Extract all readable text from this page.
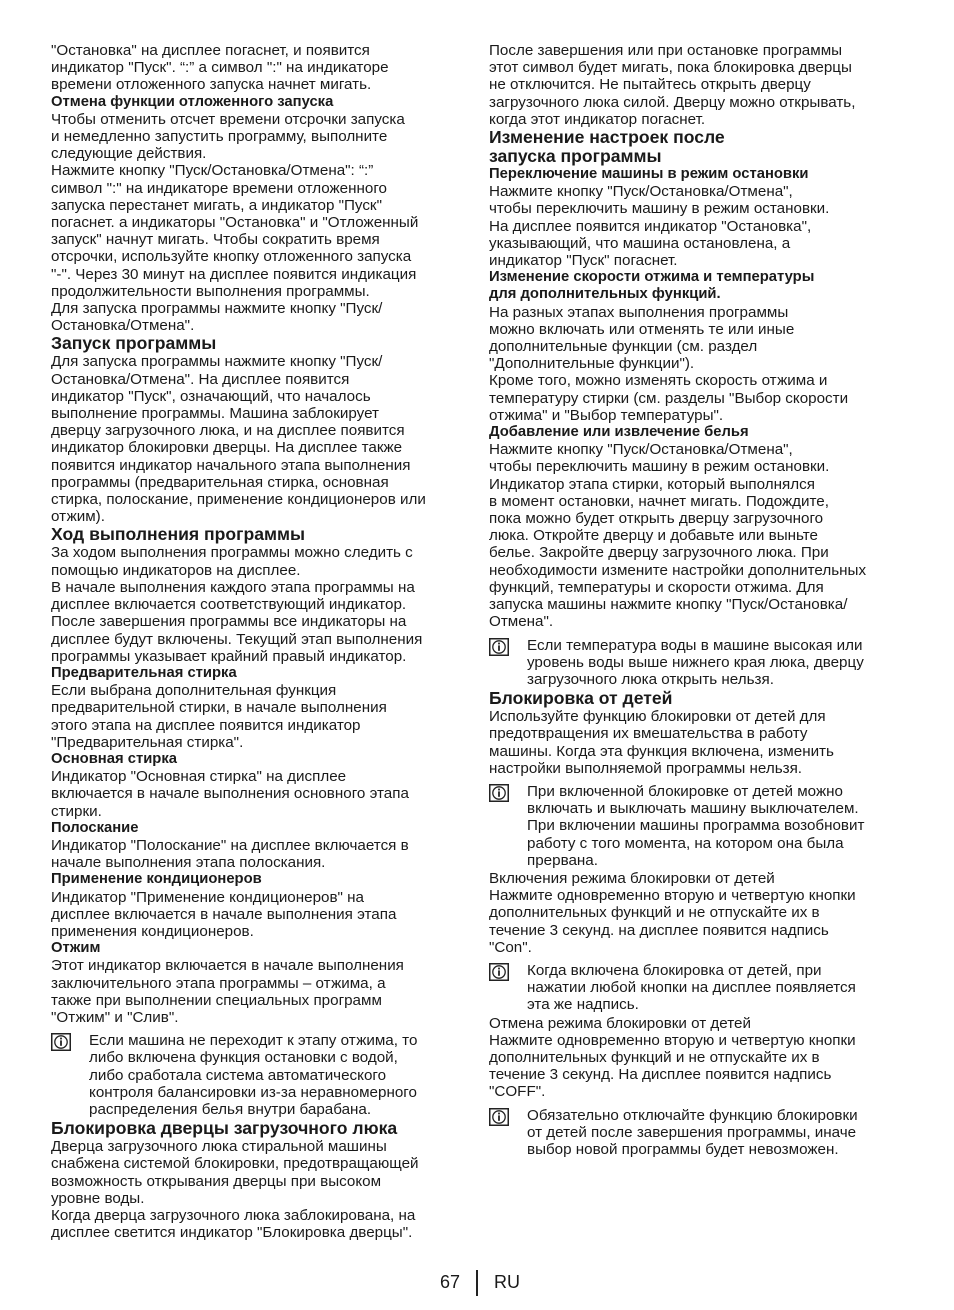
"Остановка" на дисплее погаснет, и появится
индикатор "Пуск". “:” а символ ":" на индикаторе
времени отложенного запуска начнет мигать.

Отмена функции отложенного запуска

Чтобы отменить отсчет времени отсрочки запуска
и немедленно запустить программу, выполните
следующие действия.
Нажмите кнопку "Пуск/Остановка/Отмена": “:”
символ ":" на индикаторе времени отложенного
запуска перестанет мигать, а индикатор "Пуск"
погаснет. а индикаторы "Остановка" и "Отложенный
запуск" начнут мигать. Чтобы сократить время
отсрочки, используйте кнопку отложенного запуска
"-". Через 30 минут на дисплее появится индикация
продолжительности выполнения программы.
Для запуска программы нажмите кнопку "Пуск/
Остановка/Отмена".

Запуск программы

Для запуска программы нажмите кнопку "Пуск/
Остановка/Отмена". На дисплее появится
индикатор "Пуск", означающий, что началось
выполнение программы. Машина заблокирует
дверцу загрузочного люка, и на дисплее появится
индикатор блокировки дверцы. На дисплее также
появится индикатор начального этапа выполнения
программы (предварительная стирка, основная
стирка, полоскание, применение кондиционеров или
отжим).

Ход выполнения программы

За ходом выполнения программы можно следить с
помощью индикаторов на дисплее.
В начале выполнения каждого этапа программы на
дисплее включается соответствующий индикатор.
После завершения программы все индикаторы на
дисплее будут включены. Текущий этап выполнения
программы указывает крайний правый индикатор.

Предварительная стирка

Если выбрана дополнительная функция
предварительной стирки, в начале выполнения
этого этапа на дисплее появится индикатор
"Предварительная стирка".

Основная стирка

Индикатор "Основная стирка" на дисплее
включается в начале выполнения основного этапа
стирки.

Полоскание

Индикатор "Полоскание" на дисплее включается в
начале выполнения этапа полоскания.

Применение кондиционеров

Индикатор "Применение кондиционеров" на
дисплее включается в начале выполнения этапа
применения кондиционеров.

Отжим

Этот индикатор включается в начале выполнения
заключительного этапа программы – отжима, а
также при выполнении специальных программ
"Отжим" и "Слив".

Если машина не переходит к этапу отжима, то
либо включена функция остановки с водой,
либо сработала система автоматического
контроля балансировки из-за неравномерного
распределения белья внутри барабана.
Блокировка дверцы загрузочного люка

Дверца загрузочного люка стиральной машины
снабжена системой блокировки, предотвращающей
возможность открывания дверцы при высоком
уровне воды.
Когда дверца загрузочного люка заблокирована, на
дисплее светится индикатор "Блокировка дверцы".

После завершения или при остановке программы
этот символ будет мигать, пока блокировка дверцы
не отключится. Не пытайтесь открыть дверцу
загрузочного люка силой. Дверцу можно открывать,
когда этот индикатор погаснет.

Изменение настроек после
запуска программы

Переключение машины в режим остановки

Нажмите кнопку "Пуск/Остановка/Отмена",
чтобы переключить машину в режим остановки.
На дисплее появится индикатор "Остановка",
указывающий, что машина остановлена, а
индикатор "Пуск" погаснет.

Изменение скорости отжима и температуры
для дополнительных функций.

На разных этапах выполнения программы
можно включать или отменять те или иные
дополнительные функции (см. раздел
"Дополнительные функции").
Кроме того, можно изменять скорость отжима и
температуру стирки (см. разделы "Выбор скорости
отжима" и "Выбор температуры".

Добавление или извлечение белья

Нажмите кнопку "Пуск/Остановка/Отмена",
чтобы переключить машину в режим остановки.
Индикатор этапа стирки, который выполнялся
в момент остановки, начнет мигать. Подождите,
пока можно будет открыть дверцу загрузочного
люка. Откройте дверцу и добавьте или выньте
белье. Закройте дверцу загрузочного люка. При
необходимости измените настройки дополнительных
функций, температуры и скорости отжима. Для
запуска машины нажмите кнопку "Пуск/Остановка/
Отмена".

Если температура воды в машине высокая или
уровень воды выше нижнего края люка, дверцу
загрузочного люка открыть нельзя.
Блокировка от детей

Используйте функцию блокировки от детей для
предотвращения их вмешательства в работу
машины. Когда эта функция включена, изменить
настройки выполняемой программы нельзя.

При включенной блокировке от детей можно
включать и выключать машину выключателем.
При включении машины программа возобновит
работу с того момента, на котором она была
прервана.

Включения режима блокировки от детей
Нажмите одновременно вторую и четвертую кнопки
дополнительных функций и не отпускайте их в
течение 3 секунд. на дисплее появится надпись
"Con".

Когда включена блокировка от детей, при
нажатии любой кнопки на дисплее появляется
эта же надпись.

Отмена режима блокировки от детей
Нажмите одновременно вторую и четвертую кнопки
дополнительных функций и не отпускайте их в
течение 3 секунд. На дисплее появится надпись
"COFF".

Обязательно отключайте функцию блокировки
от детей после завершения программы, иначе
выбор новой программы будет невозможен.
67 RU
